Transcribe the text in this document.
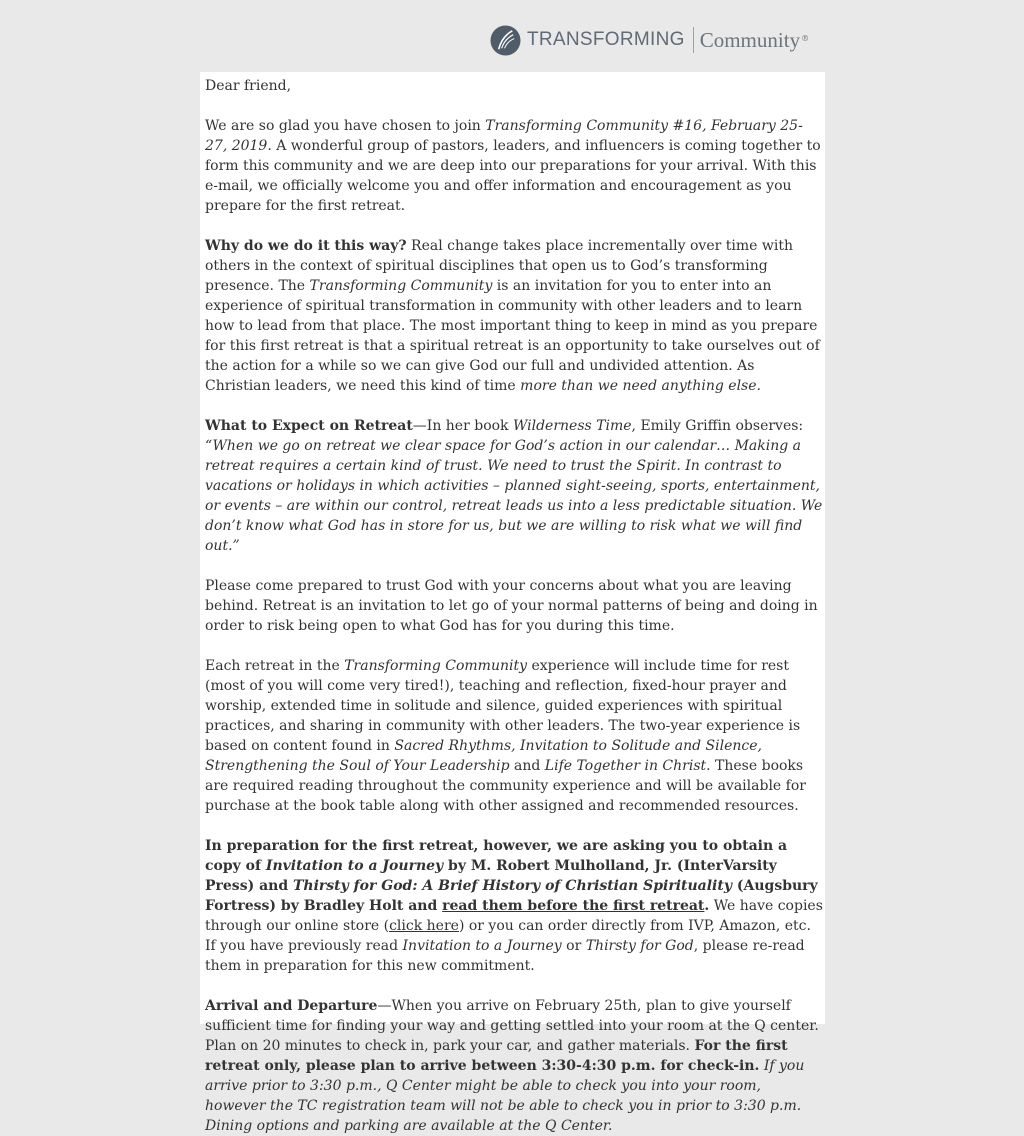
TRANSFORMING Community ®

Dear friend,

We are so glad you have chosen to join Transforming Community #16, February 25-27, 2019. A wonderful group of pastors, leaders, and influencers is coming together to form this community and we are deep into our preparations for your arrival. With this e-mail, we officially welcome you and offer information and encouragement as you prepare for the first retreat.

Why do we do it this way? Real change takes place incrementally over time with others in the context of spiritual disciplines that open us to God’s transforming presence. The Transforming Community is an invitation for you to enter into an experience of spiritual transformation in community with other leaders and to learn how to lead from that place. The most important thing to keep in mind as you prepare for this first retreat is that a spiritual retreat is an opportunity to take ourselves out of the action for a while so we can give God our full and undivided attention. As Christian leaders, we need this kind of time more than we need anything else.

What to Expect on Retreat—In her book Wilderness Time, Emily Griffin observes: “When we go on retreat we clear space for God’s action in our calendar… Making a retreat requires a certain kind of trust. We need to trust the Spirit. In contrast to vacations or holidays in which activities – planned sight-seeing, sports, entertainment, or events – are within our control, retreat leads us into a less predictable situation. We don’t know what God has in store for us, but we are willing to risk what we will find out.”

Please come prepared to trust God with your concerns about what you are leaving behind. Retreat is an invitation to let go of your normal patterns of being and doing in order to risk being open to what God has for you during this time.

Each retreat in the Transforming Community experience will include time for rest (most of you will come very tired!), teaching and reflection, fixed-hour prayer and worship, extended time in solitude and silence, guided experiences with spiritual practices, and sharing in community with other leaders. The two-year experience is based on content found in Sacred Rhythms, Invitation to Solitude and Silence, Strengthening the Soul of Your Leadership and Life Together in Christ. These books are required reading throughout the community experience and will be available for purchase at the book table along with other assigned and recommended resources.

In preparation for the first retreat, however, we are asking you to obtain a copy of Invitation to a Journey by M. Robert Mulholland, Jr. (InterVarsity Press) and Thirsty for God: A Brief History of Christian Spirituality (Augsbury Fortress) by Bradley Holt and read them before the first retreat. We have copies through our online store (click here) or you can order directly from IVP, Amazon, etc. If you have previously read Invitation to a Journey or Thirsty for God, please re-read them in preparation for this new commitment.

Arrival and Departure—When you arrive on February 25th, plan to give yourself sufficient time for finding your way and getting settled into your room at the Q center. Plan on 20 minutes to check in, park your car, and gather materials. For the first retreat only, please plan to arrive between 3:30-4:30 p.m. for check-in. If you arrive prior to 3:30 p.m., Q Center might be able to check you into your room, however the TC registration team will not be able to check you in prior to 3:30 p.m. Dining options and parking are available at the Q Center.
